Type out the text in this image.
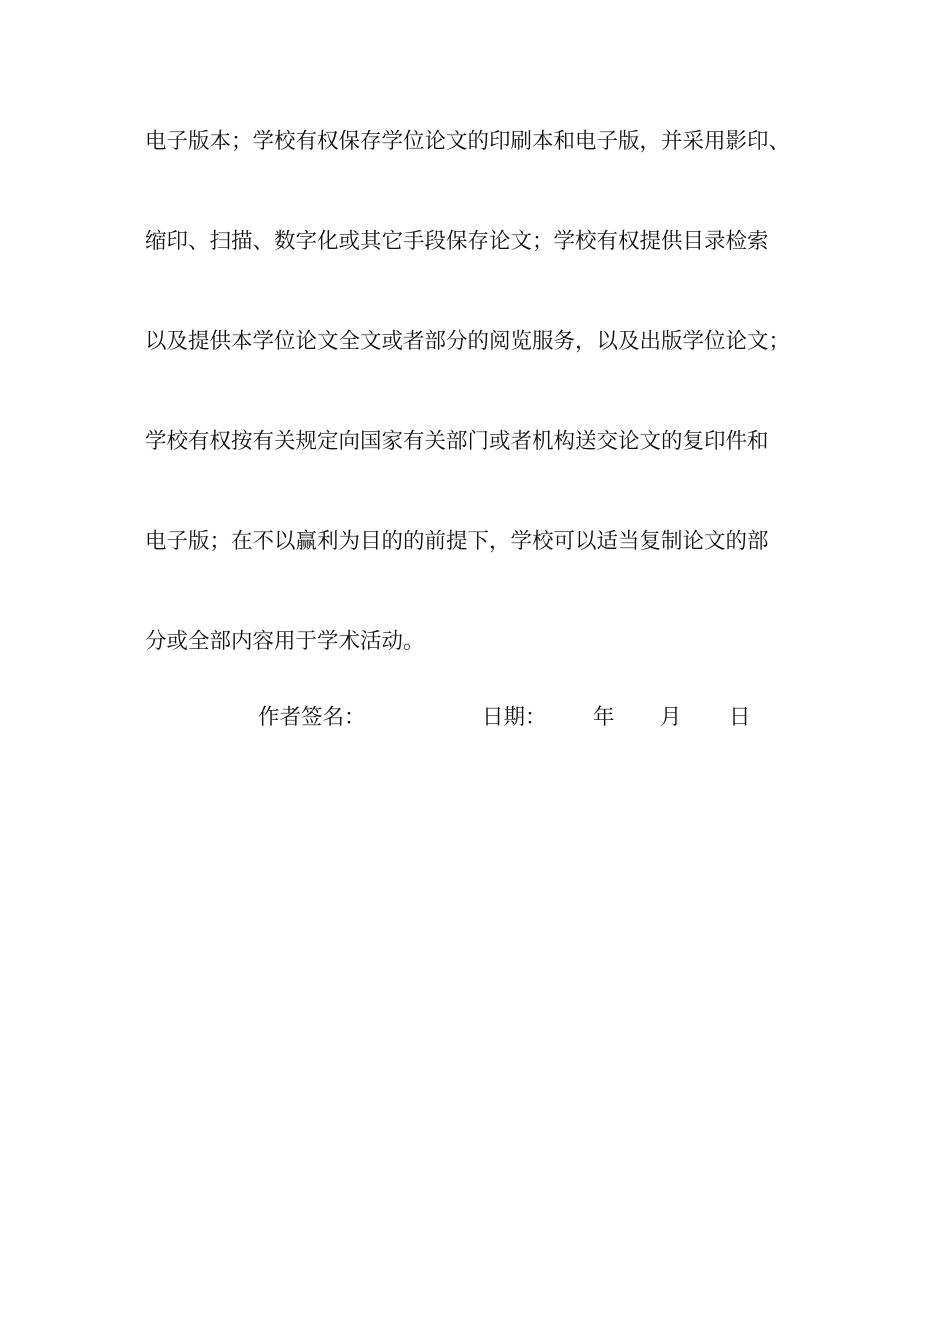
电子版本；学校有权保存学位论文的印刷本和电子版，并采用影印、
缩印、扫描、数字化或其它手段保存论文；学校有权提供目录检索
以及提供本学位论文全文或者部分的阅览服务，以及出版学位论文；
学校有权按有关规定向国家有关部门或者机构送交论文的复印件和
电子版；在不以赢利为目的的前提下，学校可以适当复制论文的部
分或全部内容用于学术活动。
作者签名：	日期： 年 月 日
